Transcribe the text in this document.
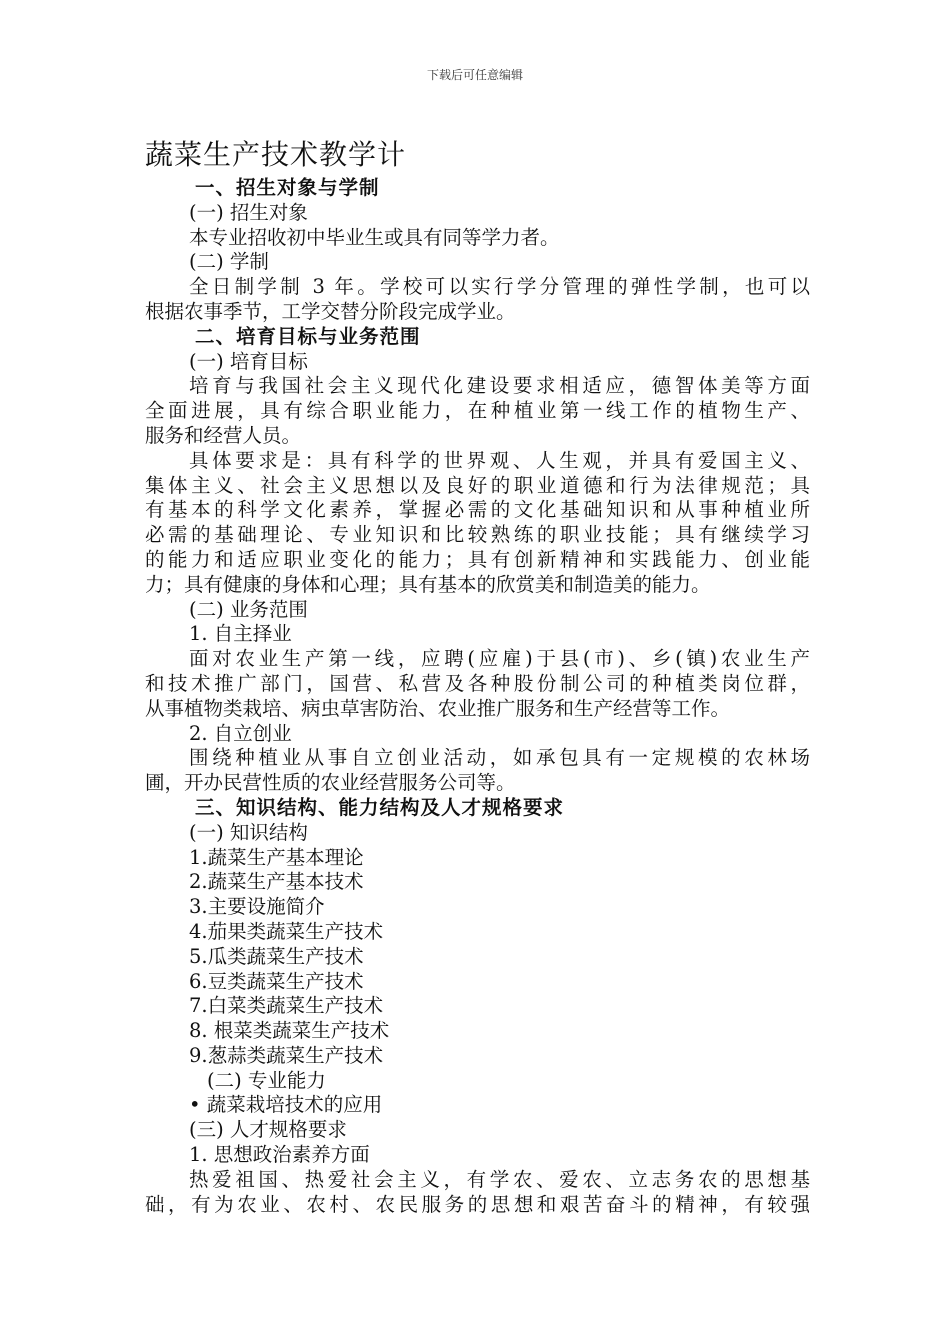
下载后可任意编辑
蔬菜生产技术教学计
一、招生对象与学制
(一) 招生对象
本专业招收初中毕业生或具有同等学力者。
(二) 学制
全日制学制 3 年。学校可以实行学分管理的弹性学制，也可以
根据农事季节，工学交替分阶段完成学业。
二、培育目标与业务范围
(一) 培育目标
培育与我国社会主义现代化建设要求相适应，德智体美等方面
全面进展，具有综合职业能力，在种植业第一线工作的植物生产、
服务和经营人员。
具体要求是：具有科学的世界观、人生观，并具有爱国主义、
集体主义、社会主义思想以及良好的职业道德和行为法律规范；具
有基本的科学文化素养，掌握必需的文化基础知识和从事种植业所
必需的基础理论、专业知识和比较熟练的职业技能；具有继续学习
的能力和适应职业变化的能力；具有创新精神和实践能力、创业能
力；具有健康的身体和心理；具有基本的欣赏美和制造美的能力。
(二) 业务范围
1. 自主择业
面对农业生产第一线，应聘(应雇)于县(市)、乡(镇)农业生产
和技术推广部门，国营、私营及各种股份制公司的种植类岗位群，
从事植物类栽培、病虫草害防治、农业推广服务和生产经营等工作。
2. 自立创业
围绕种植业从事自立创业活动，如承包具有一定规模的农林场
圃，开办民营性质的农业经营服务公司等。
三、知识结构、能力结构及人才规格要求
(一) 知识结构
1.蔬菜生产基本理论
2.蔬菜生产基本技术
3.主要设施简介
4.茄果类蔬菜生产技术
5.瓜类蔬菜生产技术
6.豆类蔬菜生产技术
7.白菜类蔬菜生产技术
8. 根菜类蔬菜生产技术
9.葱蒜类蔬菜生产技术
(二) 专业能力
• 蔬菜栽培技术的应用
(三) 人才规格要求
1. 思想政治素养方面
热爱祖国、热爱社会主义，有学农、爱农、立志务农的思想基
础，有为农业、农村、农民服务的思想和艰苦奋斗的精神，有较强
